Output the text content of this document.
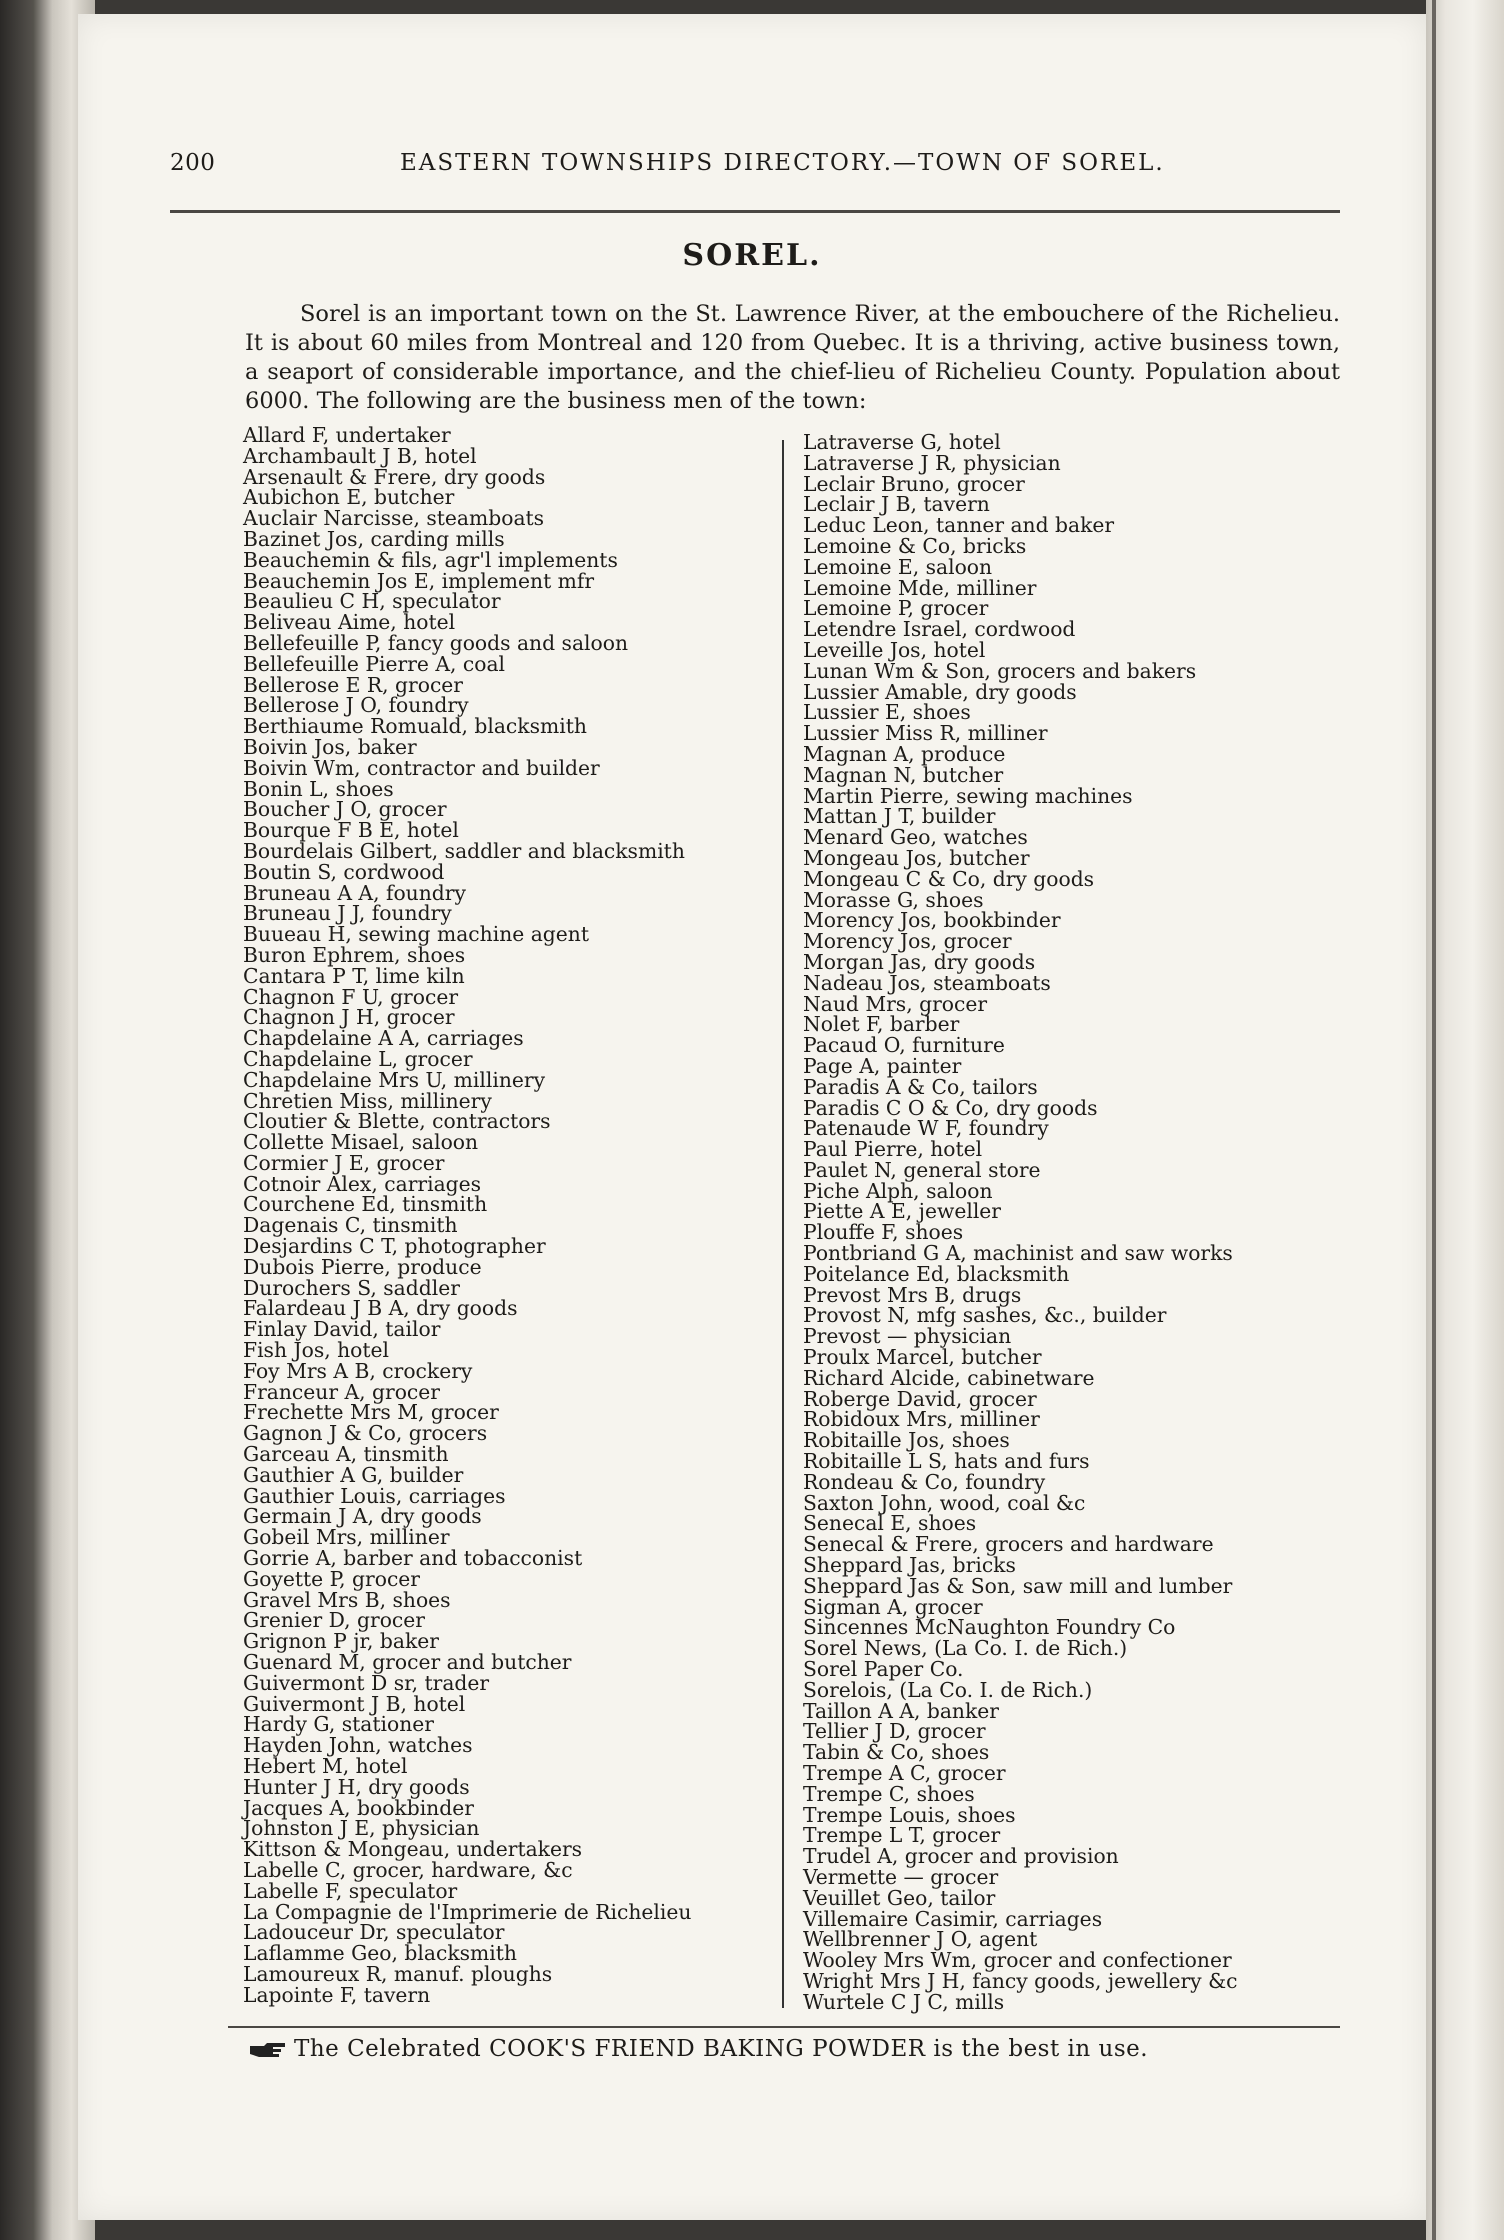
200	EASTERN TOWNSHIPS DIRECTORY.—TOWN OF SOREL.
SOREL.
Sorel is an important town on the St. Lawrence River, at the embouchere of the Richelieu. It is about 60 miles from Montreal and 120 from Quebec. It is a thriving, active business town, a seaport of considerable importance, and the chief-lieu of Richelieu County. Population about 6000. The following are the business men of the town:
Allard F, undertaker
Archambault J B, hotel
Arsenault & Frere, dry goods
Aubichon E, butcher
Auclair Narcisse, steamboats
Bazinet Jos, carding mills
Beauchemin & fils, agr'l implements
Beauchemin Jos E, implement mfr
Beaulieu C H, speculator
Beliveau Aime, hotel
Bellefeuille P, fancy goods and saloon
Bellefeuille Pierre A, coal
Bellerose E R, grocer
Bellerose J O, foundry
Berthiaume Romuald, blacksmith
Boivin Jos, baker
Boivin Wm, contractor and builder
Bonin L, shoes
Boucher J O, grocer
Bourque F B E, hotel
Bourdelais Gilbert, saddler and blacksmith
Boutin S, cordwood
Bruneau A A, foundry
Bruneau J J, foundry
Buueau H, sewing machine agent
Buron Ephrem, shoes
Cantara P T, lime kiln
Chagnon F U, grocer
Chagnon J H, grocer
Chapdelaine A A, carriages
Chapdelaine L, grocer
Chapdelaine Mrs U, millinery
Chretien Miss, millinery
Cloutier & Blette, contractors
Collette Misael, saloon
Cormier J E, grocer
Cotnoir Alex, carriages
Courchene Ed, tinsmith
Dagenais C, tinsmith
Desjardins C T, photographer
Dubois Pierre, produce
Durochers S, saddler
Falardeau J B A, dry goods
Finlay David, tailor
Fish Jos, hotel
Foy Mrs A B, crockery
Franceur A, grocer
Frechette Mrs M, grocer
Gagnon J & Co, grocers
Garceau A, tinsmith
Gauthier A G, builder
Gauthier Louis, carriages
Germain J A, dry goods
Gobeil Mrs, milliner
Gorrie A, barber and tobacconist
Goyette P, grocer
Gravel Mrs B, shoes
Grenier D, grocer
Grignon P jr, baker
Guenard M, grocer and butcher
Guivermont D sr, trader
Guivermont J B, hotel
Hardy G, stationer
Hayden John, watches
Hebert M, hotel
Hunter J H, dry goods
Jacques A, bookbinder
Johnston J E, physician
Kittson & Mongeau, undertakers
Labelle C, grocer, hardware, &c
Labelle F, speculator
La Compagnie de l'Imprimerie de Richelieu
Ladouceur Dr, speculator
Laflamme Geo, blacksmith
Lamoureux R, manuf. ploughs
Lapointe F, tavern
Latraverse G, hotel
Latraverse J R, physician
Leclair Bruno, grocer
Leclair J B, tavern
Leduc Leon, tanner and baker
Lemoine & Co, bricks
Lemoine E, saloon
Lemoine Mde, milliner
Lemoine P, grocer
Letendre Israel, cordwood
Leveille Jos, hotel
Lunan Wm & Son, grocers and bakers
Lussier Amable, dry goods
Lussier E, shoes
Lussier Miss R, milliner
Magnan A, produce
Magnan N, butcher
Martin Pierre, sewing machines
Mattan J T, builder
Menard Geo, watches
Mongeau Jos, butcher
Mongeau C & Co, dry goods
Morasse G, shoes
Morency Jos, bookbinder
Morency Jos, grocer
Morgan Jas, dry goods
Nadeau Jos, steamboats
Naud Mrs, grocer
Nolet F, barber
Pacaud O, furniture
Page A, painter
Paradis A & Co, tailors
Paradis C O & Co, dry goods
Patenaude W F, foundry
Paul Pierre, hotel
Paulet N, general store
Piche Alph, saloon
Piette A E, jeweller
Plouffe F, shoes
Pontbriand G A, machinist and saw works
Poitelance Ed, blacksmith
Prevost Mrs B, drugs
Provost N, mfg sashes, &c., builder
Prevost — physician
Proulx Marcel, butcher
Richard Alcide, cabinetware
Roberge David, grocer
Robidoux Mrs, milliner
Robitaille Jos, shoes
Robitaille L S, hats and furs
Rondeau & Co, foundry
Saxton John, wood, coal &c
Senecal E, shoes
Senecal & Frere, grocers and hardware
Sheppard Jas, bricks
Sheppard Jas & Son, saw mill and lumber
Sigman A, grocer
Sincennes McNaughton Foundry Co
Sorel News, (La Co. I. de Rich.)
Sorel Paper Co.
Sorelois, (La Co. I. de Rich.)
Taillon A A, banker
Tellier J D, grocer
Tabin & Co, shoes
Trempe A C, grocer
Trempe C, shoes
Trempe Louis, shoes
Trempe L T, grocer
Trudel A, grocer and provision
Vermette — grocer
Veuillet Geo, tailor
Villemaire Casimir, carriages
Wellbrenner J O, agent
Wooley Mrs Wm, grocer and confectioner
Wright Mrs J H, fancy goods, jewellery &c
Wurtele C J C, mills
The Celebrated COOK'S FRIEND BAKING POWDER is the best in use.
